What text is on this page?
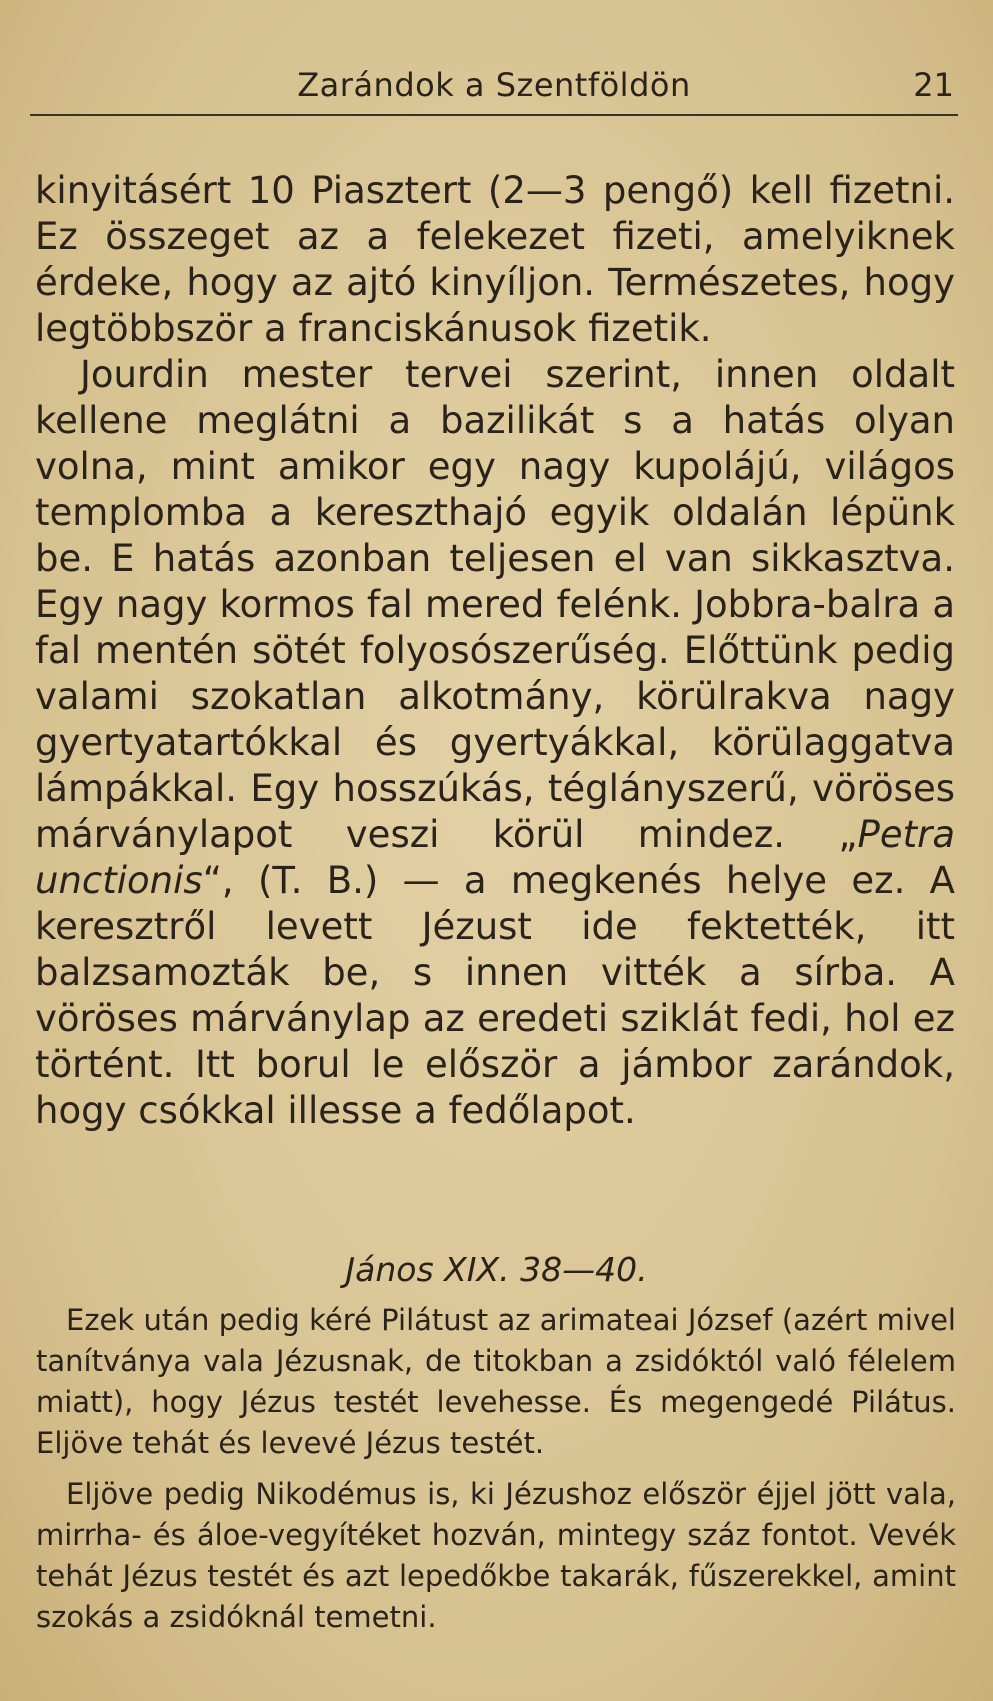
Zarándok a Szentföldön	21

kinyitásért 10 Piasztert (2—3 pengő) kell fizetni. Ez összeget az a felekezet fizeti, amelyiknek érdeke, hogy az ajtó kinyíljon. Természetes, hogy legtöbbször a franciskánusok fizetik.

Jourdin mester tervei szerint, innen oldalt kellene meglátni a bazilikát s a hatás olyan volna, mint amikor egy nagy kupolájú, világos templomba a kereszthajó egyik oldalán lépünk be. E hatás azonban teljesen el van sikkasztva. Egy nagy kormos fal mered felénk. Jobbra-balra a fal mentén sötét folyosószerűség. Előttünk pedig valami szokatlan alkotmány, körülrakva nagy gyertyatartókkal és gyertyákkal, körülaggatva lámpákkal. Egy hosszúkás, téglányszerű, vöröses márványlapot veszi körül mindez. „Petra unctionis“, (T. B.) — a megkenés helye ez. A keresztről levett Jézust ide fektették, itt balzsamozták be, s innen vitték a sírba. A vöröses márványlap az eredeti sziklát fedi, hol ez történt. Itt borul le először a jámbor zarándok, hogy csókkal illesse a fedőlapot.

János XIX. 38—40.

Ezek után pedig kéré Pilátust az arimateai József (azért mivel tanítványa vala Jézusnak, de titokban a zsidóktól való félelem miatt), hogy Jézus testét levehesse. És megengedé Pilátus. Eljöve tehát és levevé Jézus testét.

Eljöve pedig Nikodémus is, ki Jézushoz először éjjel jött vala, mirrha- és áloe-vegyítéket hozván, mintegy száz fontot. Vevék tehát Jézus testét és azt lepedőkbe takarák, fűszerekkel, amint szokás a zsidóknál temetni.
